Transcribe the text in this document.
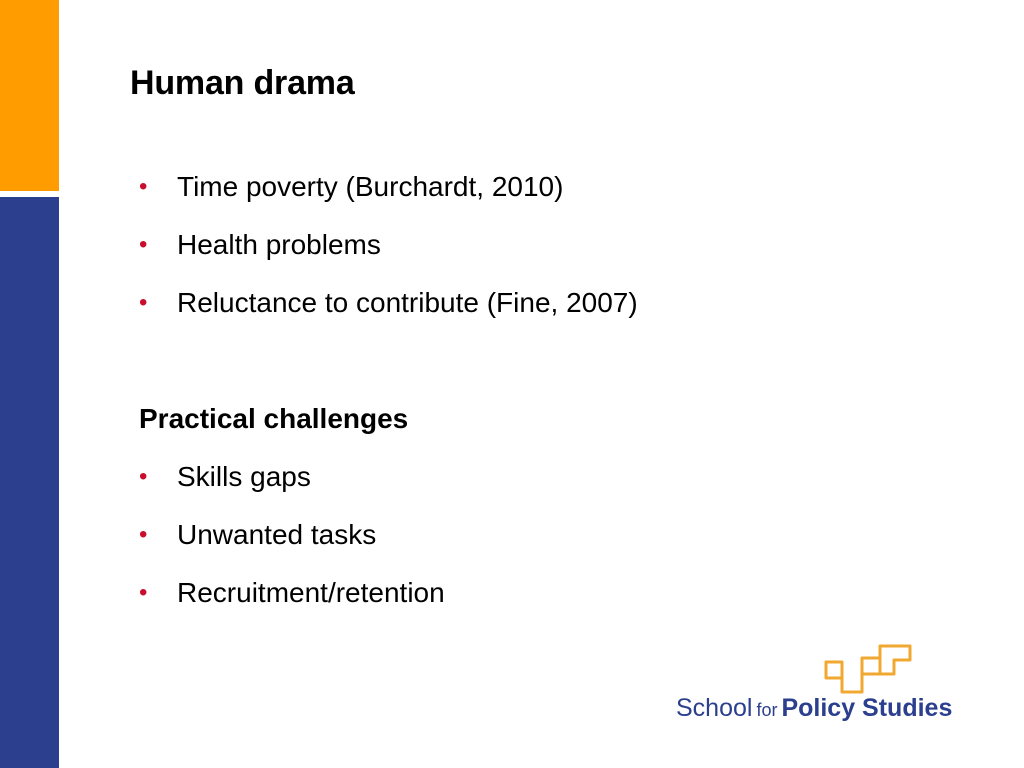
Human drama
• Time poverty (Burchardt, 2010)
• Health problems
• Reluctance to contribute (Fine, 2007)
Practical challenges
• Skills gaps
• Unwanted tasks
• Recruitment/retention
School for Policy Studies
